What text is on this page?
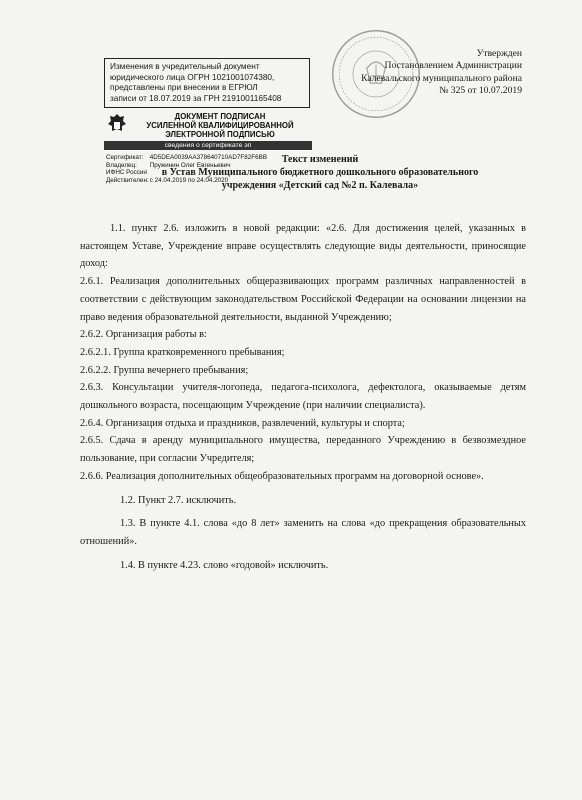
Утвержден
Постановлением Администрации
Калевальского муниципального района
№ 325 от 10.07.2019
Изменения в учредительный документ
юридического лица ОГРН 1021001074380,
представлены при внесении в ЕГРЮЛ
записи от 18.07.2019 за ГРН 2191001165408
ДОКУМЕНТ ПОДПИСАН
УСИЛЕННОЙ КВАЛИФИЦИРОВАННОЙ
ЭЛЕКТРОННОЙ ПОДПИСЬЮ
сведения о сертификате эп
Сертификат: 4D5DEA0039AA378640710AD7F82F6BB
Владелец: Пружинин Олег Евгеньевич
ИФНС России
Действителен: с 24.04.2019 по 24.04.2020
Текст изменений
в Устав Муниципального бюджетного дошкольного образовательного
учреждения «Детский сад №2 п. Калевала»

1.1. пункт 2.6. изложить в новой редакции: «2.6. Для достижения целей, указанных в

настоящем Уставе, Учреждение вправе осуществлять следующие виды деятельности, приносящие доход:

2.6.1. Реализация дополнительных общеразвивающих программ различных направленностей в соответствии с действующим законодательством Российской Федерации на основании лицензии на право ведения образовательной деятельности, выданной Учреждению;

2.6.2. Организация работы в:

2.6.2.1. Группа кратковременного пребывания;

2.6.2.2. Группа вечернего пребывания;

2.6.3. Консультации учителя-логопеда, педагога-психолога, дефектолога, оказываемые детям дошкольного возраста, посещающим Учреждение (при наличии специалиста).

2.6.4. Организация отдыха и праздников, развлечений, культуры и спорта;

2.6.5. Сдача в аренду муниципального имущества, переданного Учреждению в безвозмездное пользование, при согласии Учредителя;

2.6.6. Реализация дополнительных общеобразовательных программ на договорной основе».

1.2. Пункт 2.7. исключить.

1.3. В пункте 4.1. слова «до 8 лет» заменить на слова «до прекращения образовательных отношений».

1.4. В пункте 4.23. слово «годовой» исключить.
